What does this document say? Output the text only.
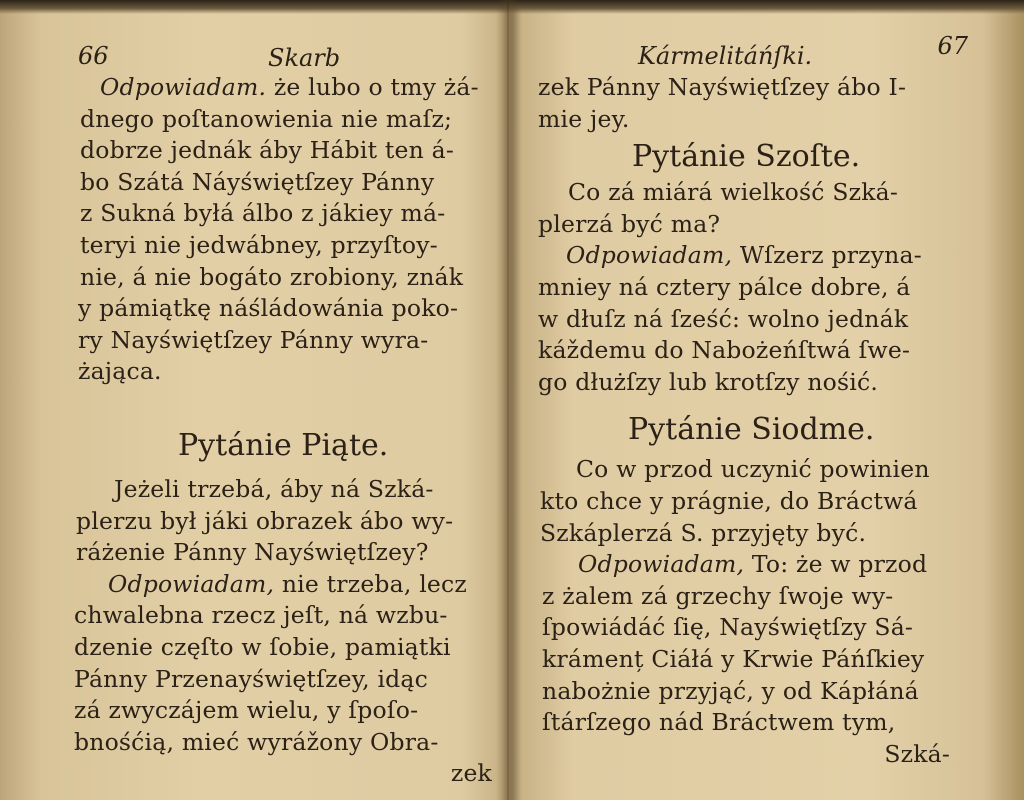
66	Skarb
Odpowiadam. że lubo o tmy żá-
dnego poſtanowienia nie maſz;
dobrze jednák áby Hábit ten á-
bo Szátá Náyświętſzey Pánny
z Sukná byłá álbo z jákiey má-
teryi nie jedwábney, przyſtoy-
nie, á nie bogáto zrobiony, znák
y pámiątkę náśládowánia poko-
ry Nayświętſzey Pánny wyra-
żająca.
Pytánie Piąte.
Jeżeli trzebá, áby ná Szká-
plerzu był jáki obrazek ábo wy-
ráżenie Pánny Nayświętſzey?
Odpowiadam, nie trzeba, lecz
chwalebna rzecz jeſt, ná wzbu-
dzenie częſto w ſobie, pamiątki
Pánny Przenayświętſzey, idąc
zá zwyczájem wielu, y ſpoſo-
bnośćią, mieć wyrážony Obra-
zek
Kármelitáńſki.	67
zek Pánny Nayświętſzey ábo I-
mie jey.
Pytánie Szoſte.
Co zá miárá wielkość Szká-
plerzá być ma?
Odpowiadam, Wſzerz przyna-
mniey ná cztery pálce dobre, á
w dłuſz ná ſześć: wolno jednák
káždemu do Nabożeńſtwá ſwe-
go dłużſzy lub krotſzy nośić.
Pytánie Siodme.
Co w przod uczynić powinien
kto chce y prágnie, do Bráctwá
Szkáplerzá S. przyjęty być.
Odpowiadam, To: że w przod
z żalem zá grzechy ſwoje wy-
ſpowiádáć ſię, Nayświętſzy Sá-
krámenț Ciáłá y Krwie Páńſkiey
nabożnie przyjąć, y od Kápłáná
ſtárſzego nád Bráctwem tym,
Szká-
